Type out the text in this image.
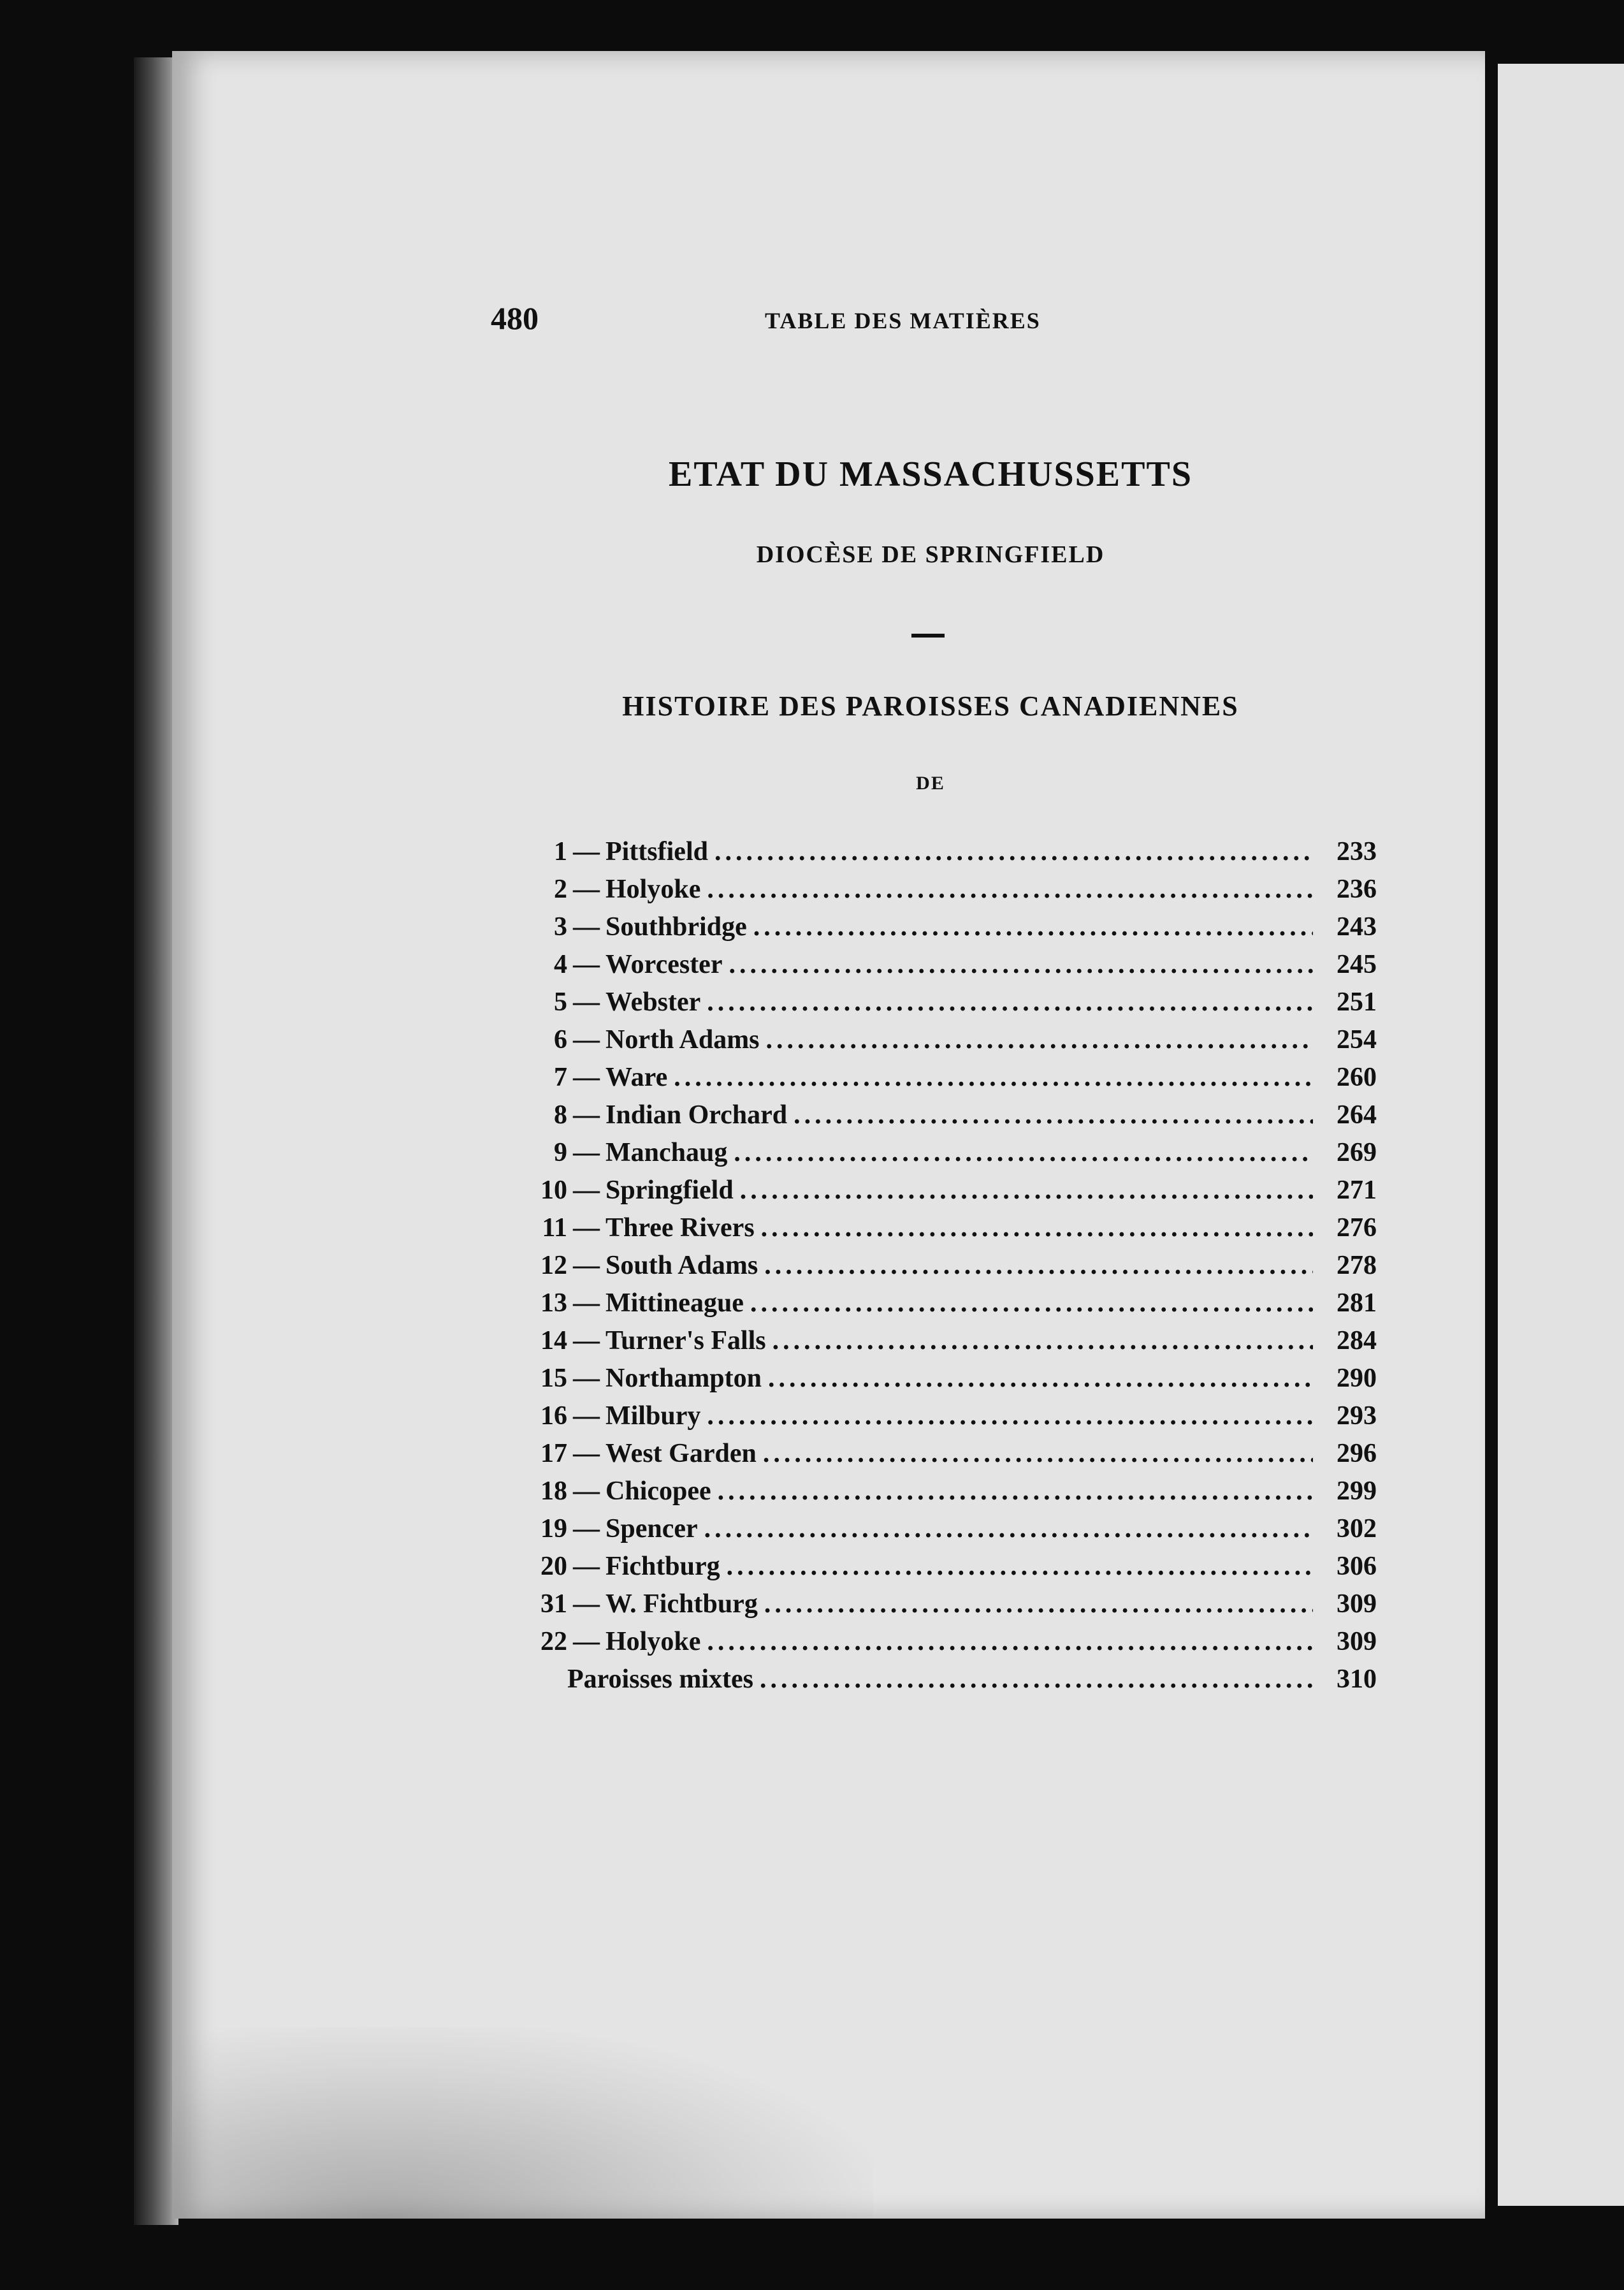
480	TABLE DES MATIÈRES
ETAT DU MASSACHUSSETTS
DIOCÈSE DE SPRINGFIELD
HISTOIRE DES PAROISSES CANADIENNES
DE
1 — Pittsfield .....	233
2 — Holyoke .....	236
3 — Southbridge .....	243
4 — Worcester .....	245
5 — Webster .....	251
6 — North Adams .....	254
7 — Ware .....	260
8 — Indian Orchard .....	264
9 — Manchaug .....	269
10 — Springfield .....	271
11 — Three Rivers .....	276
12 — South Adams .....	278
13 — Mittineague .....	281
14 — Turner's Falls .....	284
15 — Northampton .....	290
16 — Milbury .....	293
17 — West Garden .....	296
18 — Chicopee .....	299
19 — Spencer .....	302
20 — Fichtburg .....	306
31 — W. Fichtburg .....	309
22 — Holyoke .....	309
Paroisses mixtes .....	310
